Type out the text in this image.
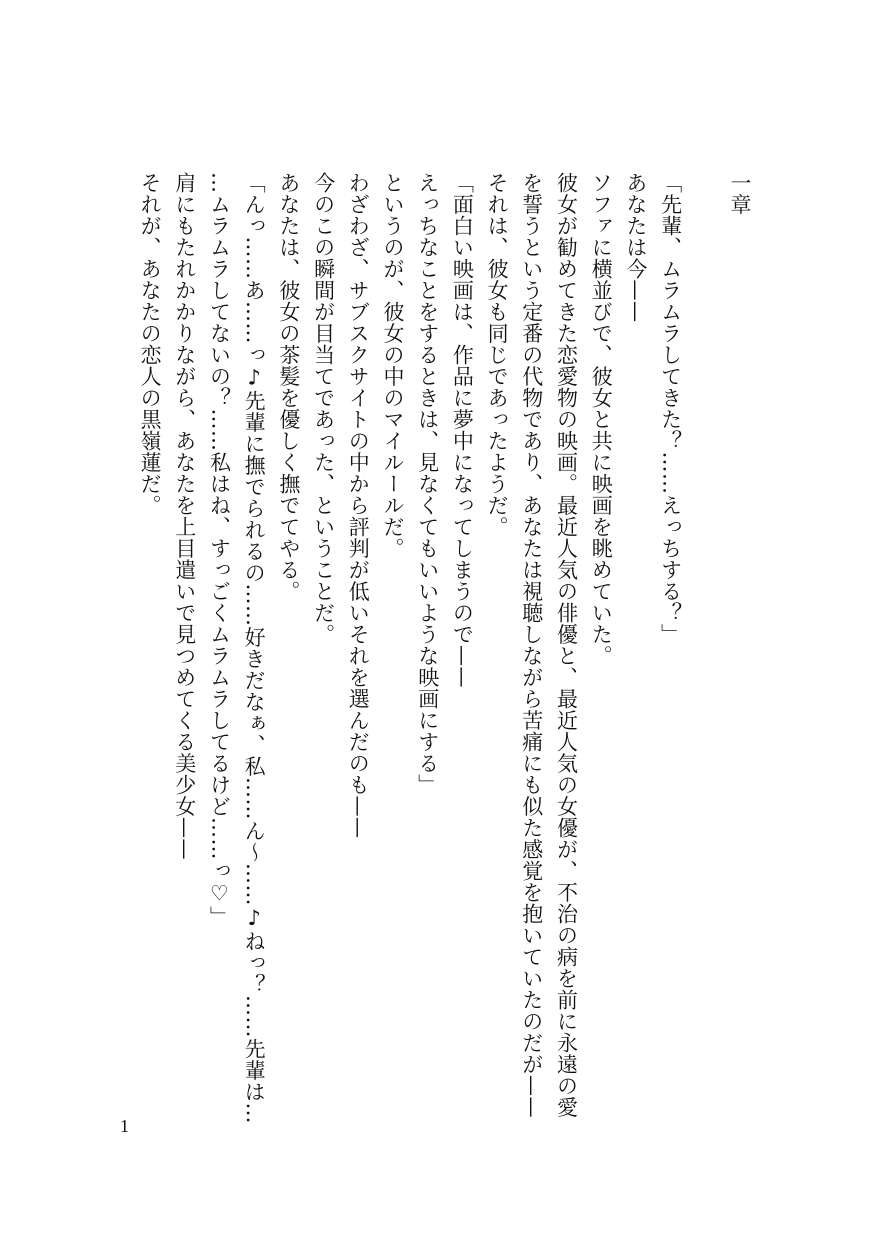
一章

「先輩、ムラムラしてきた？……えっちする？」

あなたは今——

ソファに横並びで、彼女と共に映画を眺めていた。

彼女が勧めてきた恋愛物の映画。最近人気の俳優と、最近人気の女優が、不治の病を前に永遠の愛

を誓うという定番の代物であり、あなたは視聴しながら苦痛にも似た感覚を抱いていたのだが——

それは、彼女も同じであったようだ。

「面白い映画は、作品に夢中になってしまうので——

えっちなことをするときは、見なくてもいいような映画にする」

というのが、彼女の中のマイルールだ。

わざわざ、サブスクサイトの中から評判が低いそれを選んだのも——

今のこの瞬間が目当てであった、ということだ。

あなたは、彼女の茶髪を優しく撫でてやる。

「んっ……あ……っ♪先輩に撫でられるの……好きだなぁ、私……ん～……♪ねっ？……先輩は…

…ムラムラしてないの？……私はね、すっごくムラムラしてるけど……っ♡」

肩にもたれかかりながら、あなたを上目遣いで見つめてくる美少女——

それが、あなたの恋人の黒嶺蓮だ。

1
